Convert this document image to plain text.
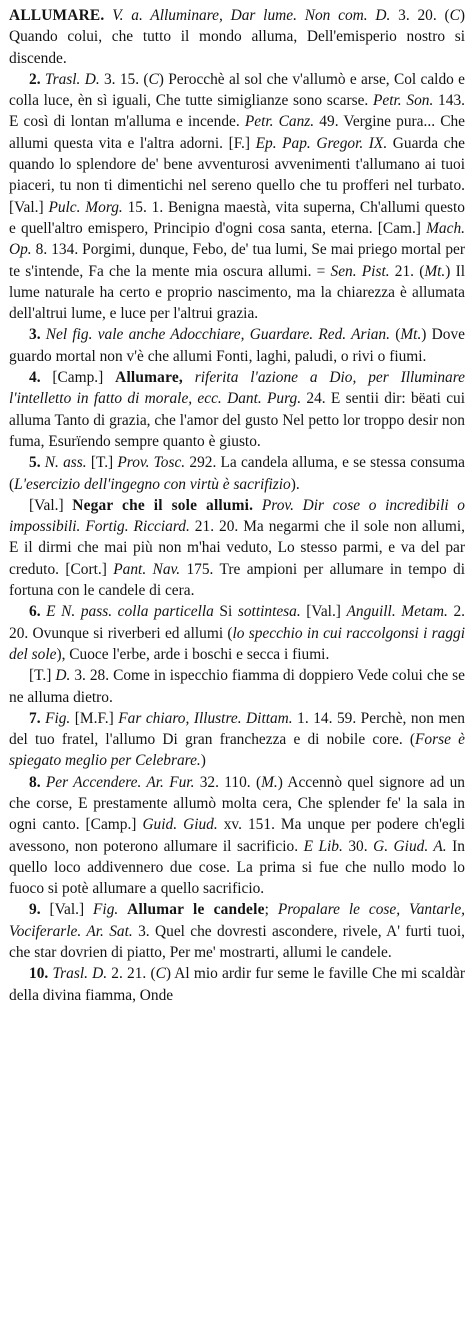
ALLUMARE. V. a. Alluminare, Dar lume. Non com. D. 3. 20. (C) Quando colui, che tutto il mondo alluma, Dell'emisperio nostro si discende.

2. Trasl. D. 3. 15. (C) Perocchè al sol che v'allumò e arse, Col caldo e colla luce, èn sì iguali, Che tutte simiglianze sono scarse. Petr. Son. 143. E così di lontan m'alluma e incende. Petr. Canz. 49. Vergine pura... Che allumi questa vita e l'altra adorni. [F.] Ep. Pap. Gregor. IX. Guarda che quando lo splendore de' bene avventurosi avvenimenti t'allumano ai tuoi piaceri, tu non ti dimentichi nel sereno quello che tu profferi nel turbato. [Val.] Pulc. Morg. 15. 1. Benigna maestà, vita superna, Ch'allumi questo e quell'altro emispero, Principio d'ogni cosa santa, eterna. [Cam.] Mach. Op. 8. 134. Porgimi, dunque, Febo, de' tua lumi, Se mai priego mortal per te s'intende, Fa che la mente mia oscura allumi. = Sen. Pist. 21. (Mt.) Il lume naturale ha certo e proprio nascimento, ma la chiarezza è allumata dell'altrui lume, e luce per l'altrui grazia.

3. Nel fig. vale anche Adocchiare, Guardare. Red. Arian. (Mt.) Dove guardo mortal non v'è che allumi Fonti, laghi, paludi, o rivi o fiumi.

4. [Camp.] Allumare, riferita l'azione a Dio, per Illuminare l'intelletto in fatto di morale, ecc. Dant. Purg. 24. E sentii dir: bëati cui alluma Tanto di grazia, che l'amor del gusto Nel petto lor troppo desir non fuma, Esurïendo sempre quanto è giusto.

5. N. ass. [T.] Prov. Tosc. 292. La candela alluma, e se stessa consuma (L'esercizio dell'ingegno con virtù è sacrifizio).

[Val.] Negar che il sole allumi. Prov. Dir cose o incredibili o impossibili. Fortig. Ricciard. 21. 20. Ma negarmi che il sole non allumi, E il dirmi che mai più non m'hai veduto, Lo stesso parmi, e va del par creduto. [Cort.] Pant. Nav. 175. Tre ampioni per allumare in tempo di fortuna con le candele di cera.

6. E N. pass. colla particella Si sottintesa. [Val.] Anguill. Metam. 2. 20. Ovunque si riverberi ed allumi (lo specchio in cui raccolgonsi i raggi del sole), Cuoce l'erbe, arde i boschi e secca i fiumi.

[T.] D. 3. 28. Come in ispecchio fiamma di doppiero Vede colui che se ne alluma dietro.

7. Fig. [M.F.] Far chiaro, Illustre. Dittam. 1. 14. 59. Perchè, non men del tuo fratel, l'allumo Di gran franchezza e di nobile core. (Forse è spiegato meglio per Celebrare.)

8. Per Accendere. Ar. Fur. 32. 110. (M.) Accennò quel signore ad un che corse, E prestamente allumò molta cera, Che splender fe' la sala in ogni canto. [Camp.] Guid. Giud. xv. 151. Ma unque per podere ch'egli avessono, non poterono allumare il sacrificio. E Lib. 30. G. Giud. A. In quello loco addivennero due cose. La prima si fue che nullo modo lo fuoco si potè allumare a quello sacrificio.

9. [Val.] Fig. Allumar le candele; Propalare le cose, Vantarle, Vociferarle. Ar. Sat. 3. Quel che dovresti ascondere, rivele, A' furti tuoi, che star dovrien di piatto, Per me' mostrarti, allumi le candele.

10. Trasl. D. 2. 21. (C) Al mio ardir fur seme le faville Che mi scaldàr della divina fiamma, Onde
